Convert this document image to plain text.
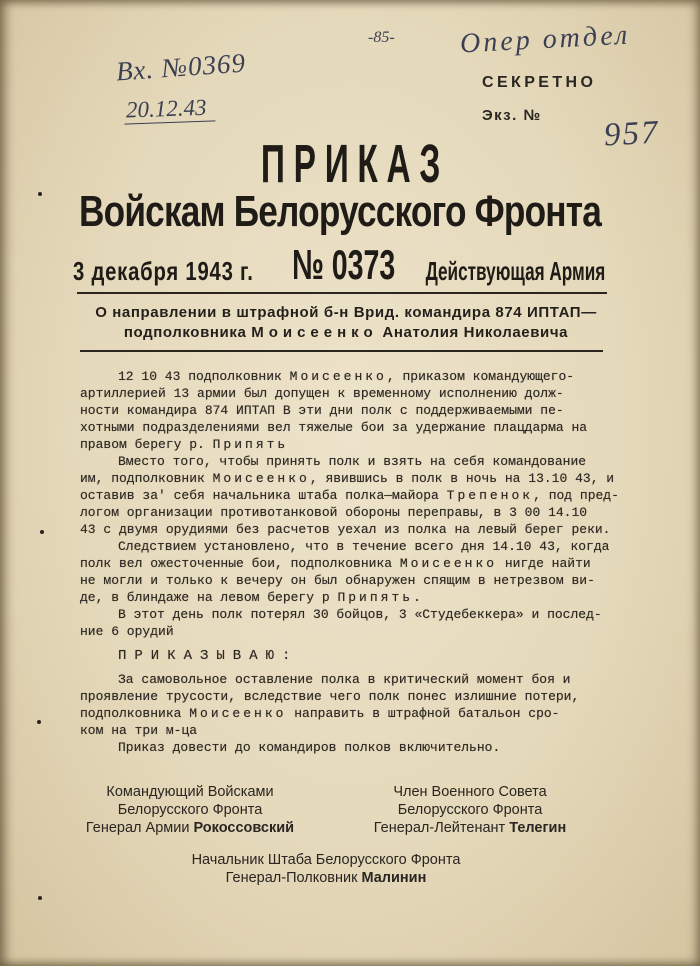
Вх. №0369
20.12.43
-85- Опер отдел
957
СЕКРЕТНО
Экз. №
ПРИКАЗ
Войскам Белорусского Фронта
3 декабря 1943 г. № 0373 Действующая Армия
О направлении в штрафной б-н Врид. командира 874 ИПТАП—
подполковника Моисеенко Анатолия Николаевича
12 10 43 подполковник Моисеенко, приказом командующего-
артиллерией 13 армии был допущен к временному исполнению долж-
ности командира 874 ИПТАП В эти дни полк с поддерживаемыми пе-
хотными подразделениями вел тяжелые бои за удержание плацдарма на
правом берегу р. Припять
Вместо того, чтобы принять полк и взять на себя командование
им, подполковник Моисеенко, явившись в полк в ночь на 13.10 43, и
оставив за' себя начальника штаба полка—майора Трепенок, под пред-
логом организации противотанковой обороны переправы, в 3 00 14.10
43 с двумя орудиями без расчетов уехал из полка на левый берег реки.
Следствием установлено, что в течение всего дня 14.10 43, когда
полк вел ожесточенные бои, подполковника Моисеенко нигде найти
не могли и только к вечеру он был обнаружен спящим в нетрезвом ви-
де, в блиндаже на левом берегу р Припять.
В этот день полк потерял 30 бойцов, 3 «Студебеккера» и послед-
ние 6 орудий
ПРИКАЗЫВАЮ:
За самовольное оставление полка в критический момент боя и
проявление трусости, вследствие чего полк понес излишние потери,
подполковника Моисеенко направить в штрафной батальон сро-
ком на три м-ца
Приказ довести до командиров полков включительно.
Командующий Войсками
Белорусского Фронта
Генерал Армии Рокоссовский
Член Военного Совета
Белорусского Фронта
Генерал-Лейтенант Телегин
Начальник Штаба Белорусского Фронта
Генерал-Полковник Малинин
